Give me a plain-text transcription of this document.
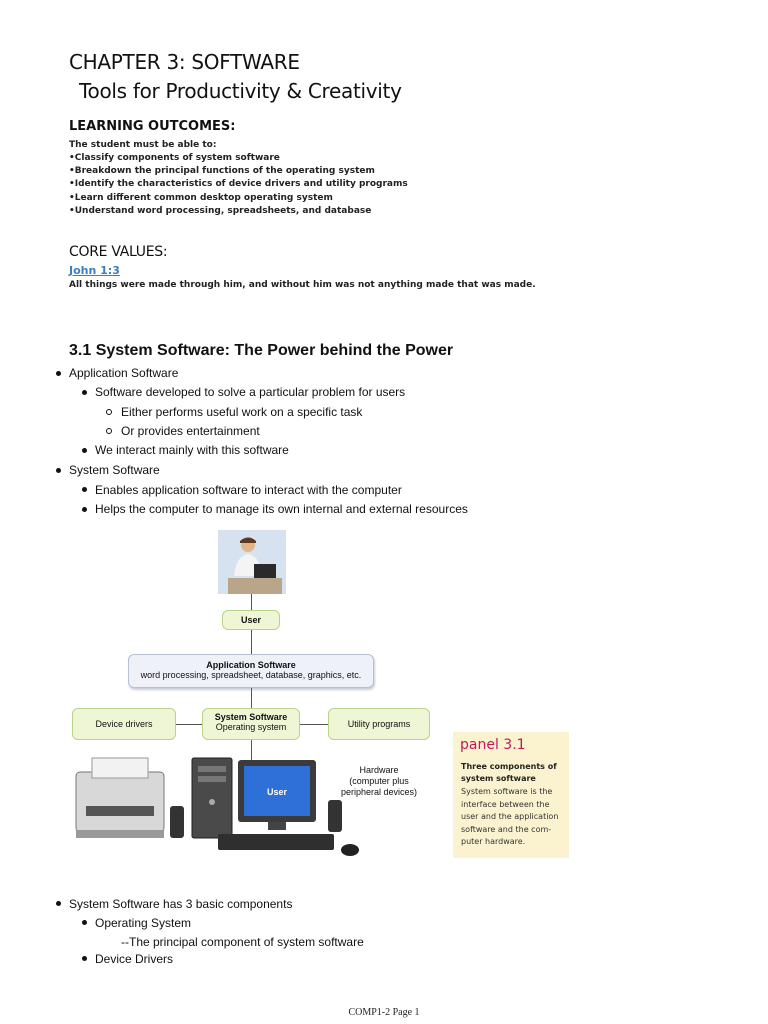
CHAPTER 3: SOFTWARE
Tools for Productivity & Creativity
LEARNING OUTCOMES:
The student must be able to:
•Classify components of system software
•Breakdown the principal functions of the operating system
•Identify the characteristics of device drivers and utility programs
•Learn different common desktop operating system
•Understand word processing, spreadsheets, and database
CORE VALUES:
John 1:3
All things were made through him, and without him was not anything made that was made.
3.1 System Software: The Power behind the Power
Application Software
Software developed to solve a particular problem for users
Either performs useful work on a specific task
Or provides entertainment
We interact mainly with this software
System Software
Enables application software to interact with the computer
Helps the computer to manage its own internal and external resources
User
Application Software
word processing, spreadsheet, database, graphics, etc.
Device drivers
System Software
Operating system	Utility programs
User
Hardware
(computer plus
peripheral devices)
panel 3.1
Three components of
system software
System software is the
interface between the
user and the application
software and the com-
puter hardware.
System Software has 3 basic components
Operating System
--The principal component of system software
Device Drivers
COMP1-2 Page 1
